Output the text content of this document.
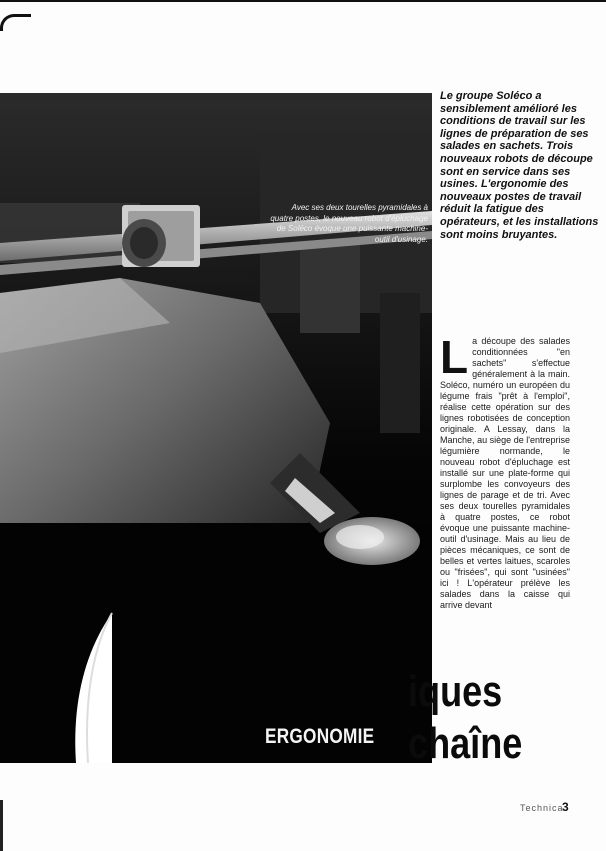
Avec ses deux tourelles pyramidales à quatre postes, le nouveau robot d'épluchage de Soléco évoque une puissante machine-outil d'usinage.
ERGONOMIE
iques
chaîne

Le groupe Soléco a sensiblement amélioré les conditions de travail sur les lignes de préparation de ses salades en sachets. Trois nouveaux robots de découpe sont en service dans ses usines. L'ergonomie des nouveaux postes de travail réduit la fatigue des opérateurs, et les installations sont moins bruyantes.

L a découpe des salades conditionnées "en sachets" s'effectue généralement à la main. Soléco, numéro un européen du légume frais "prêt à l'emploi", réalise cette opération sur des lignes robotisées de conception originale. A Lessay, dans la Manche, au siège de l'entreprise légumière normande, le nouveau robot d'épluchage est installé sur une plate-forme qui surplombe les convoyeurs des lignes de parage et de tri. Avec ses deux tourelles pyramidales à quatre postes, ce robot évoque une puissante machine-outil d'usinage. Mais au lieu de pièces mécaniques, ce sont de belles et vertes laitues, scaroles ou "frisées", qui sont "usinées" ici ! L'opérateur prélève les salades dans la caisse qui arrive devant
Technica
3
